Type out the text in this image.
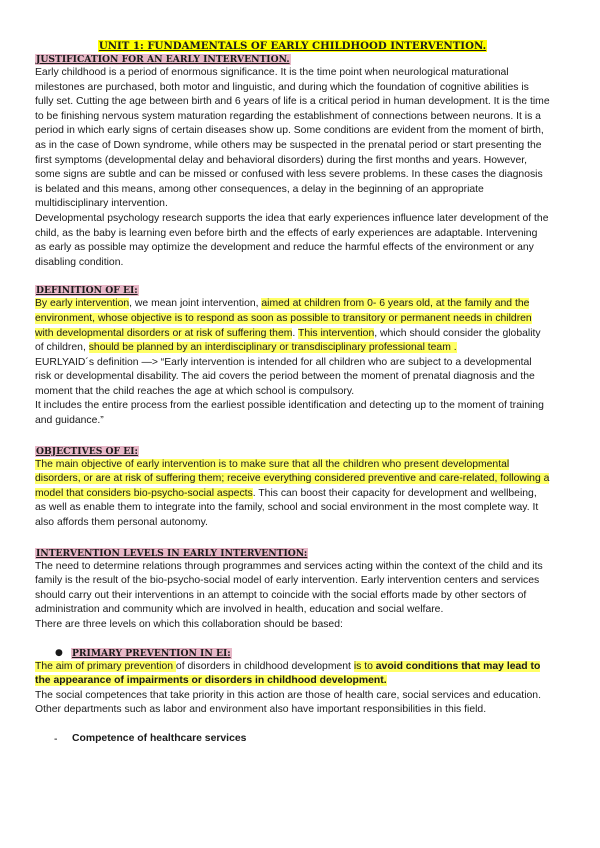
UNIT 1: FUNDAMENTALS OF EARLY CHILDHOOD INTERVENTION.

JUSTIFICATION FOR AN EARLY INTERVENTION.

Early childhood is a period of enormous significance. It is the time point when neurological maturational milestones are purchased, both motor and linguistic, and during which the foundation of cognitive abilities is fully set. Cutting the age between birth and 6 years of life is a critical period in human development. It is the time to be finishing nervous system maturation regarding the establishment of connections between neurons. It is a period in which early signs of certain diseases show up. Some conditions are evident from the moment of birth, as in the case of Down syndrome, while others may be suspected in the prenatal period or start presenting the first symptoms (developmental delay and behavioral disorders) during the first months and years. However, some signs are subtle and can be missed or confused with less severe problems. In these cases the diagnosis is belated and this means, among other consequences, a delay in the beginning of an appropriate multidisciplinary intervention.

Developmental psychology research supports the idea that early experiences influence later development of the child, as the baby is learning even before birth and the effects of early experiences are adaptable. Intervening as early as possible may optimize the development and reduce the harmful effects of the environment or any disabling condition.

DEFINITION OF EI:

By early intervention, we mean joint intervention, aimed at children from 0- 6 years old, at the family and the environment, whose objective is to respond as soon as possible to transitory or permanent needs in children with developmental disorders or at risk of suffering them. This intervention, which should consider the globality of children, should be planned by an interdisciplinary or transdisciplinary professional team .

EURLYAID´s definition —> “Early intervention is intended for all children who are subject to a developmental risk or developmental disability. The aid covers the period between the moment of prenatal diagnosis and the moment that the child reaches the age at which school is compulsory.

It includes the entire process from the earliest possible identification and detecting up to the moment of training and guidance.”

OBJECTIVES OF EI:

The main objective of early intervention is to make sure that all the children who present developmental disorders, or are at risk of suffering them; receive everything considered preventive and care-related, following a model that considers bio-psycho-social aspects. This can boost their capacity for development and wellbeing, as well as enable them to integrate into the family, school and social environment in the most complete way. It also affords them personal autonomy.

INTERVENTION LEVELS IN EARLY INTERVENTION:

The need to determine relations through programmes and services acting within the context of the child and its family is the result of the bio-psycho-social model of early intervention. Early intervention centers and services should carry out their interventions in an attempt to coincide with the social efforts made by other sectors of administration and community which are involved in health, education and social welfare.

There are three levels on which this collaboration should be based:

● PRIMARY PREVENTION IN EI:

The aim of primary prevention of disorders in childhood development is to avoid conditions that may lead to the appearance of impairments or disorders in childhood development.

The social competences that take priority in this action are those of health care, social services and education. Other departments such as labor and environment also have important responsibilities in this field.

-	Competence of healthcare services
